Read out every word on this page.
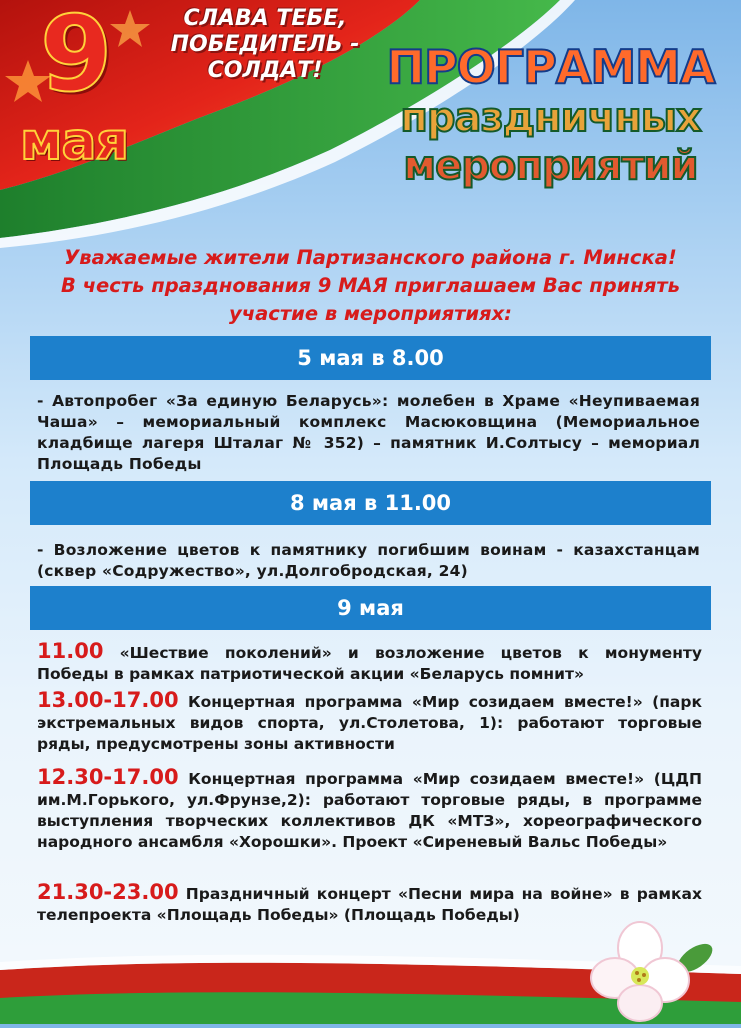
9
мая
СЛАВА ТЕБЕ,
ПОБЕДИТЕЛЬ -
СОЛДАТ!	ПРОГРАММА
праздничных
мероприятий
Уважаемые жители Партизанского района г. Минска!
В честь празднования 9 МАЯ приглашаем Вас принять
участие в мероприятиях:
5 мая в 8.00
- Автопробег «За единую Беларусь»: молебен в Храме «Неупиваемая Чаша» – мемориальный комплекс Масюковщина (Мемориальное кладбище лагеря Шталаг № 352) – памятник И.Солтысу – мемориал Площадь Победы
8 мая в 11.00
- Возложение цветов к памятнику погибшим воинам - казахстанцам (сквер «Содружество», ул.Долгобродская, 24)
9 мая
11.00 «Шествие поколений» и возложение цветов к монументу Победы в рамках патриотической акции «Беларусь помнит»
13.00-17.00 Концертная программа «Мир созидаем вместе!» (парк экстремальных видов спорта, ул.Столетова, 1): работают торговые ряды, предусмотрены зоны активности
12.30-17.00 Концертная программа «Мир созидаем вместе!» (ЦДП им.М.Горького, ул.Фрунзе,2): работают торговые ряды, в программе выступления творческих коллективов ДК «МТЗ», хореографического народного ансамбля «Хорошки». Проект «Сиреневый Вальс Победы»
21.30-23.00 Праздничный концерт «Песни мира на войне» в рамках телепроекта «Площадь Победы» (Площадь Победы)
